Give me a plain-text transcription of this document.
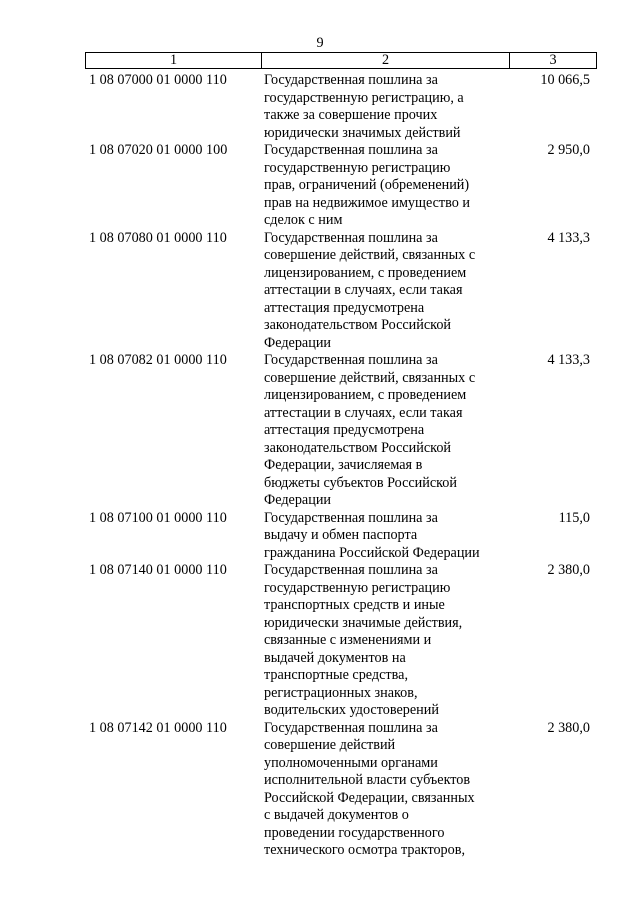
9
1	2	3
1 08 07000 01 0000 110	Государственная пошлина за
государственную регистрацию, а
также за совершение прочих
юридически значимых действий
10 066,5
1 08 07020 01 0000 100	Государственная пошлина за
государственную регистрацию
прав, ограничений (обременений)
прав на недвижимое имущество и
сделок с ним
2 950,0
1 08 07080 01 0000 110	Государственная пошлина за
совершение действий, связанных с
лицензированием, с проведением
аттестации в случаях, если такая
аттестация предусмотрена
законодательством Российской
Федерации
4 133,3
1 08 07082 01 0000 110	Государственная пошлина за
совершение действий, связанных с
лицензированием, с проведением
аттестации в случаях, если такая
аттестация предусмотрена
законодательством Российской
Федерации, зачисляемая в
бюджеты субъектов Российской
Федерации
4 133,3
1 08 07100 01 0000 110	Государственная пошлина за
выдачу и обмен паспорта
гражданина Российской Федерации
115,0
1 08 07140 01 0000 110	Государственная пошлина за
государственную регистрацию
транспортных средств и иные
юридически значимые действия,
связанные с изменениями и
выдачей документов на
транспортные средства,
регистрационных знаков,
водительских удостоверений
2 380,0
1 08 07142 01 0000 110	Государственная пошлина за
совершение действий
уполномоченными органами
исполнительной власти субъектов
Российской Федерации, связанных
с выдачей документов о
проведении государственного
технического осмотра тракторов,
2 380,0
